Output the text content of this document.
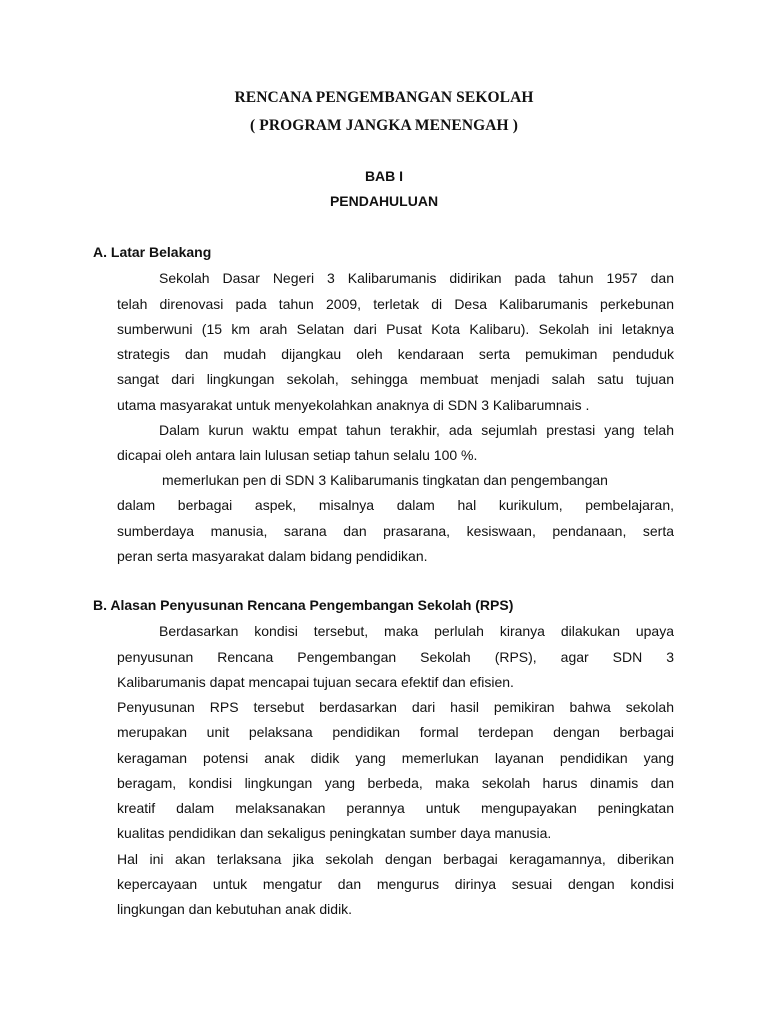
RENCANA PENGEMBANGAN SEKOLAH
( PROGRAM JANGKA MENENGAH )
BAB I
PENDAHULUAN
A. Latar Belakang
Sekolah Dasar Negeri 3 Kalibarumanis didirikan pada tahun 1957 dan
telah direnovasi pada tahun 2009, terletak di Desa Kalibarumanis perkebunan
sumberwuni (15 km arah Selatan dari Pusat Kota Kalibaru). Sekolah ini letaknya
strategis dan mudah dijangkau oleh kendaraan serta pemukiman penduduk
sangat dari lingkungan sekolah, sehingga membuat menjadi salah satu tujuan
utama masyarakat untuk menyekolahkan anaknya di SDN 3 Kalibarumnais .
Dalam kurun waktu empat tahun terakhir, ada sejumlah prestasi yang telah
dicapai oleh antara lain lulusan setiap tahun selalu 100 %.
memerlukan pen di SDN 3 Kalibarumanis tingkatan dan pengembangan
dalam berbagai aspek, misalnya dalam hal kurikulum, pembelajaran,
sumberdaya manusia, sarana dan prasarana, kesiswaan, pendanaan, serta
peran serta masyarakat dalam bidang pendidikan.
B. Alasan Penyusunan Rencana Pengembangan Sekolah (RPS)
Berdasarkan kondisi tersebut, maka perlulah kiranya dilakukan upaya
penyusunan Rencana Pengembangan Sekolah (RPS), agar SDN 3
Kalibarumanis dapat mencapai tujuan secara efektif dan efisien.
Penyusunan RPS tersebut berdasarkan dari hasil pemikiran bahwa sekolah
merupakan unit pelaksana pendidikan formal terdepan dengan berbagai
keragaman potensi anak didik yang memerlukan layanan pendidikan yang
beragam, kondisi lingkungan yang berbeda, maka sekolah harus dinamis dan
kreatif dalam melaksanakan perannya untuk mengupayakan peningkatan
kualitas pendidikan dan sekaligus peningkatan sumber daya manusia.
Hal ini akan terlaksana jika sekolah dengan berbagai keragamannya, diberikan
kepercayaan untuk mengatur dan mengurus dirinya sesuai dengan kondisi
lingkungan dan kebutuhan anak didik.
